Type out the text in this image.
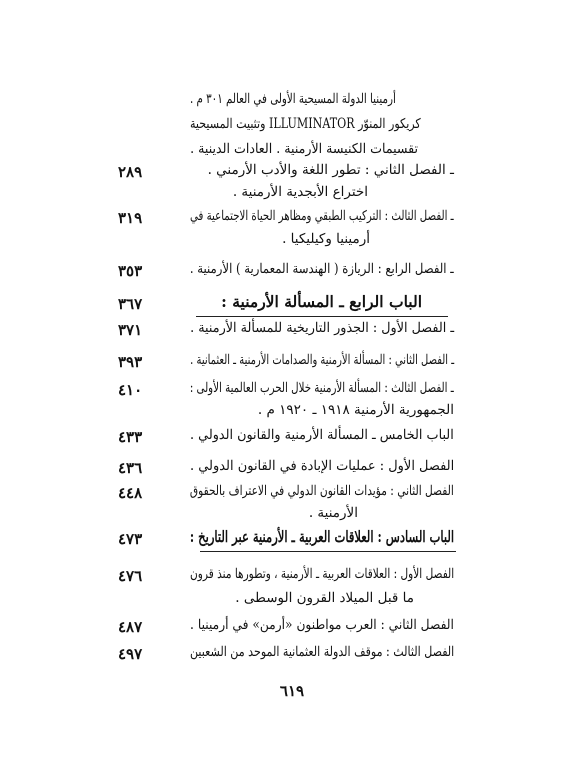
أرمينيا الدولة المسيحية الأولى في العالم ٣٠١ م .
كريكور المنوّر ILLUMINATOR وتثبيت المسيحية
تقسيمات الكنيسة الأرمنية . العادات الدينية .
ـ الفصل الثاني : تطور اللغة والأدب الأرمني .
٢٨٩
اختراع الأبجدية الأرمنية .
ـ الفصل الثالث : التركيب الطبقي ومظاهر الحياة الاجتماعية في
٣١٩
أرمينيا وكيليكيا .
ـ الفصل الرابع : الريازة ( الهندسة المعمارية ) الأرمنية .
٣٥٣
الباب الرابع ـ المسألة الأرمنية :
٣٦٧
ـ الفصل الأول : الجذور التاريخية للمسألة الأرمنية .
٣٧١
ـ الفصل الثاني : المسألة الأرمنية والصدامات الأرمنية ـ العثمانية .
٣٩٣
ـ الفصل الثالث : المسألة الأرمنية خلال الحرب العالمية الأولى :
٤١٠
الجمهورية الأرمنية ١٩١٨ ـ ١٩٢٠ م .
الباب الخامس ـ المسألة الأرمنية والقانون الدولي .
٤٣٣
الفصل الأول : عمليات الإبادة في القانون الدولي .
٤٣٦
الفصل الثاني : مؤيدات القانون الدولي في الاعتراف بالحقوق
٤٤٨
الأرمنية .
الباب السادس : العلاقات العربية ـ الأرمنية عبر التاريخ :
٤٧٣
الفصل الأول : العلاقات العربية ـ الأرمنية ، وتطورها منذ قرون
٤٧٦
ما قبل الميلاد القرون الوسطى .
الفصل الثاني : العرب مواطنون «أرمن» في أرمينيا .
٤٨٧
الفصل الثالث : موقف الدولة العثمانية الموحد من الشعبين
٤٩٧
٦١٩
